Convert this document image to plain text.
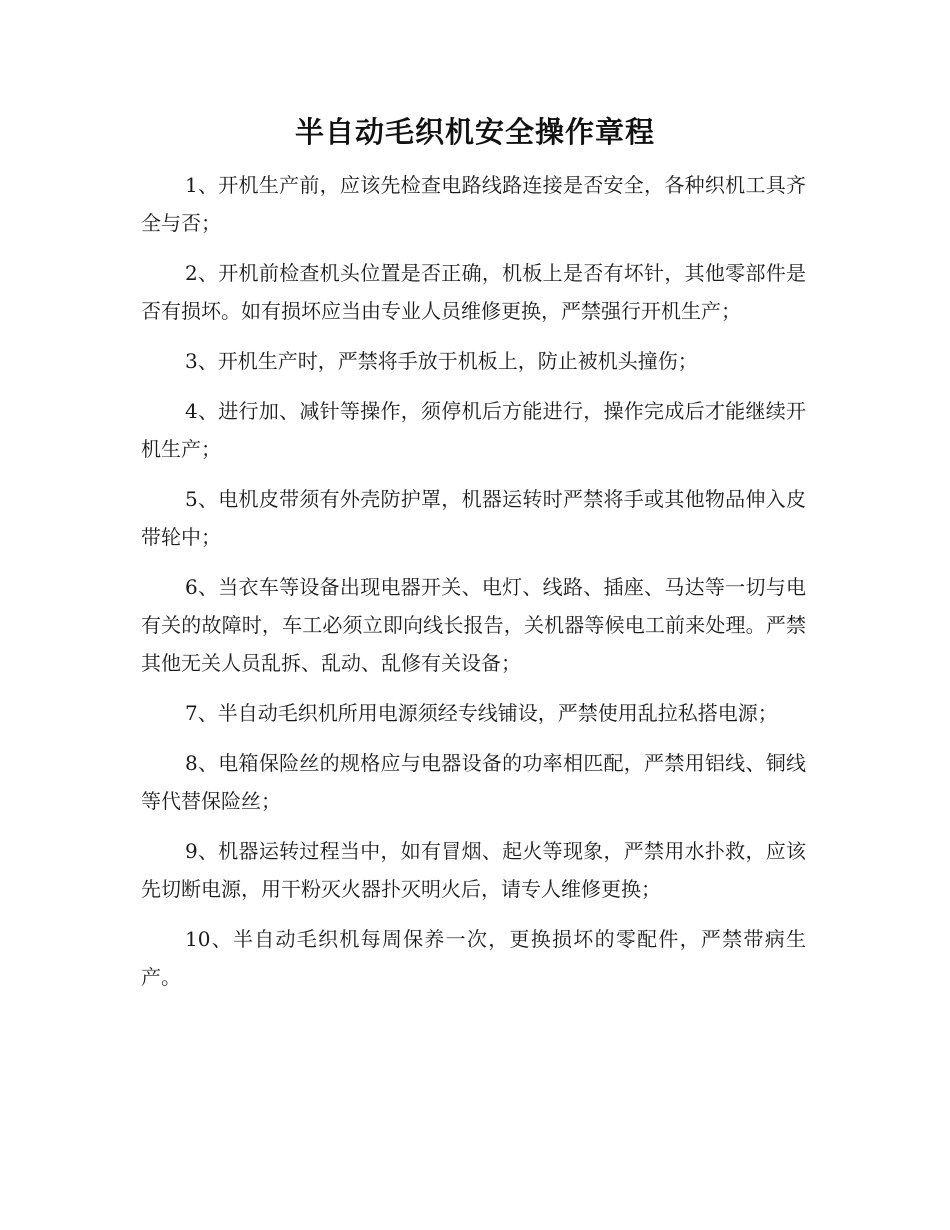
半自动毛织机安全操作章程

1、开机生产前，应该先检查电路线路连接是否安全，各种织机工具齐全与否；

2、开机前检查机头位置是否正确，机板上是否有坏针，其他零部件是否有损坏。如有损坏应当由专业人员维修更换，严禁强行开机生产；

3、开机生产时，严禁将手放于机板上，防止被机头撞伤；

4、进行加、减针等操作，须停机后方能进行，操作完成后才能继续开机生产；

5、电机皮带须有外壳防护罩，机器运转时严禁将手或其他物品伸入皮带轮中；

6、当衣车等设备出现电器开关、电灯、线路、插座、马达等一切与电有关的故障时，车工必须立即向线长报告，关机器等候电工前来处理。严禁其他无关人员乱拆、乱动、乱修有关设备；

7、半自动毛织机所用电源须经专线铺设，严禁使用乱拉私搭电源；

8、电箱保险丝的规格应与电器设备的功率相匹配，严禁用铝线、铜线等代替保险丝；

9、机器运转过程当中，如有冒烟、起火等现象，严禁用水扑救，应该先切断电源，用干粉灭火器扑灭明火后，请专人维修更换；

10、半自动毛织机每周保养一次，更换损坏的零配件，严禁带病生产。
